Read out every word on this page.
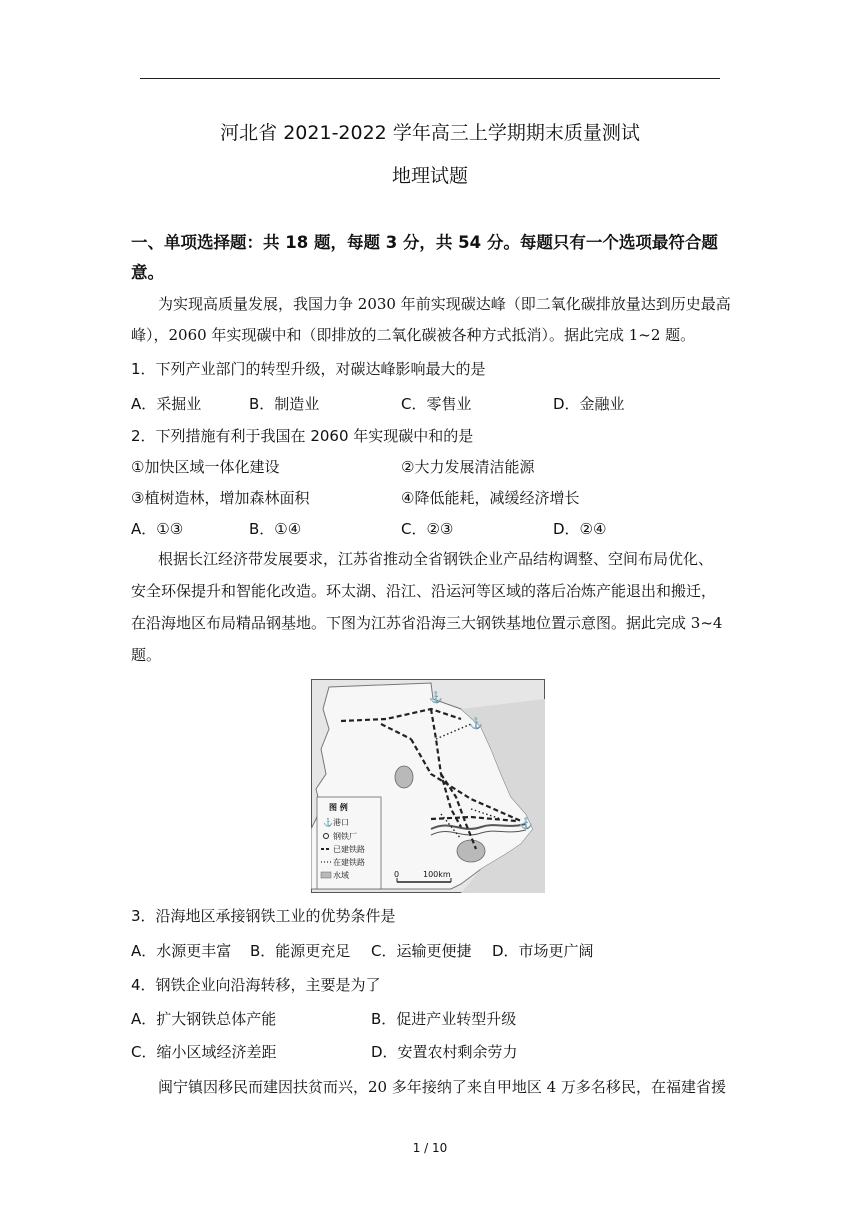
河北省 2021-2022 学年高三上学期期末质量测试
地理试题
一、单项选择题：共 18 题，每题 3 分，共 54 分。每题只有一个选项最符合题
意。
为实现高质量发展，我国力争 2030 年前实现碳达峰（即二氧化碳排放量达到历史最高
峰），2060 年实现碳中和（即排放的二氧化碳被各种方式抵消）。据此完成 1~2 题。
1．下列产业部门的转型升级，对碳达峰影响最大的是
A．采掘业	B．制造业	C．零售业	D．金融业
2．下列措施有利于我国在 2060 年实现碳中和的是
①加快区域一体化建设	②大力发展清洁能源
③植树造林，增加森林面积	④降低能耗，减缓经济增长
A．①③	B．①④	C．②③	D．②④
根据长江经济带发展要求，江苏省推动全省钢铁企业产品结构调整、空间布局优化、
安全环保提升和智能化改造。环太湖、沿江、沿运河等区域的落后冶炼产能退出和搬迁，
在沿海地区布局精品钢基地。下图为江苏省沿海三大钢铁基地位置示意图。据此完成 3~4
题。
⚓
⚓
⚓
图 例
⚓ 港口
钢铁厂
已建铁路
在建铁路
水域	0	100km
3．沿海地区承接钢铁工业的优势条件是
A．水源更丰富 B．能源更充足 C．运输更便捷 D．市场更广阔
4．钢铁企业向沿海转移，主要是为了
A．扩大钢铁总体产能	B．促进产业转型升级
C．缩小区域经济差距	D．安置农村剩余劳力
闽宁镇因移民而建因扶贫而兴，20 多年接纳了来自甲地区 4 万多名移民，在福建省援
1 / 10
